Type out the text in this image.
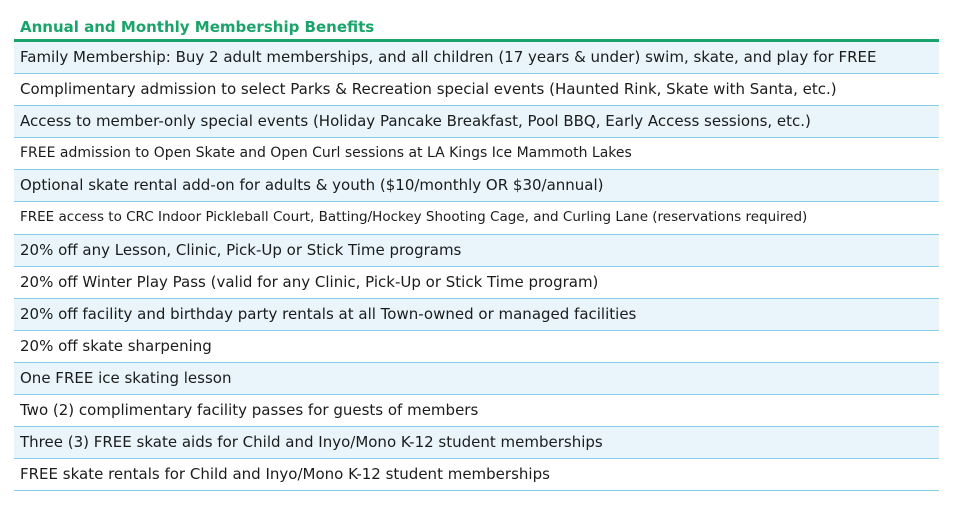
Annual and Monthly Membership Benefits
Family Membership: Buy 2 adult memberships, and all children (17 years & under) swim, skate, and play for FREE
Complimentary admission to select Parks & Recreation special events (Haunted Rink, Skate with Santa, etc.)
Access to member-only special events (Holiday Pancake Breakfast, Pool BBQ, Early Access sessions, etc.)
FREE admission to Open Skate and Open Curl sessions at LA Kings Ice Mammoth Lakes
Optional skate rental add-on for adults & youth ($10/monthly OR $30/annual)
FREE access to CRC Indoor Pickleball Court, Batting/Hockey Shooting Cage, and Curling Lane (reservations required)
20% off any Lesson, Clinic, Pick-Up or Stick Time programs
20% off Winter Play Pass (valid for any Clinic, Pick-Up or Stick Time program)
20% off facility and birthday party rentals at all Town-owned or managed facilities
20% off skate sharpening
One FREE ice skating lesson
Two (2) complimentary facility passes for guests of members
Three (3) FREE skate aids for Child and Inyo/Mono K-12 student memberships
FREE skate rentals for Child and Inyo/Mono K-12 student memberships
